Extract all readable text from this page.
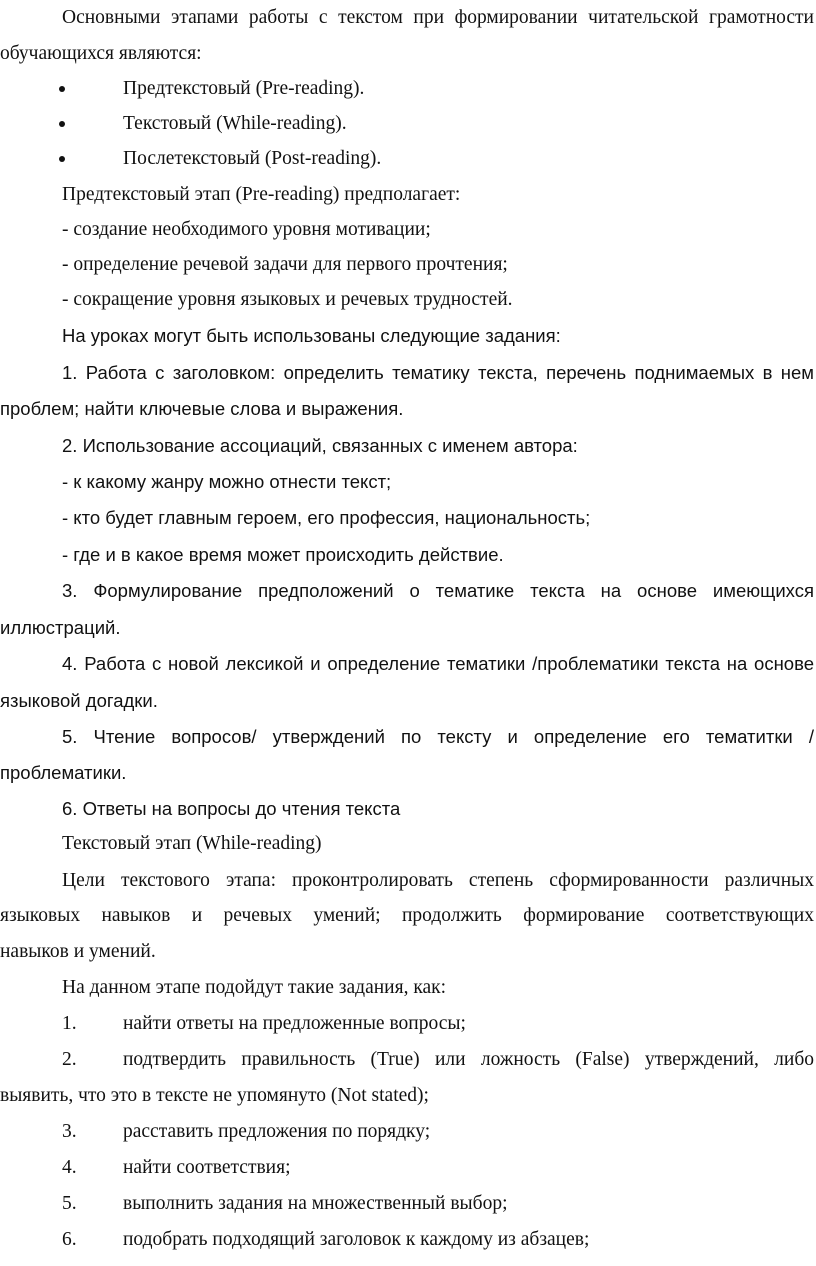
Основными этапами работы с текстом при формировании читательской грамотности
обучающихся являются:
Предтекстовый (Pre-reading).
Текстовый (While-reading).
Послетекстовый (Post-reading).
Предтекстовый этап (Pre-reading) предполагает:
- создание необходимого уровня мотивации;
- определение речевой задачи для первого прочтения;
- сокращение уровня языковых и речевых трудностей.
На уроках могут быть использованы следующие задания:
1. Работа с заголовком: определить тематику текста, перечень поднимаемых в нем
проблем; найти ключевые слова и выражения.
2. Использование ассоциаций, связанных с именем автора:
- к какому жанру можно отнести текст;
- кто будет главным героем, его профессия, национальность;
- где и в какое время может происходить действие.
3. Формулирование предположений о тематике текста на основе имеющихся
иллюстраций.
4. Работа с новой лексикой и определение тематики /проблематики текста на основе
языковой догадки.
5. Чтение вопросов/ утверждений по тексту и определение его тематитки /
проблематики.
6. Ответы на вопросы до чтения текста
Текстовый этап (While-reading)
Цели текстового этапа: проконтролировать степень сформированности различных
языковых навыков и речевых умений; продолжить формирование соответствующих
навыков и умений.
На данном этапе подойдут такие задания, как:
1. найти ответы на предложенные вопросы;
2. подтвердить правильность (True) или ложность (False) утверждений, либо
выявить, что это в тексте не упомянуто (Not stated);
3. расставить предложения по порядку;
4. найти соответствия;
5. выполнить задания на множественный выбор;
6. подобрать подходящий заголовок к каждому из абзацев;
